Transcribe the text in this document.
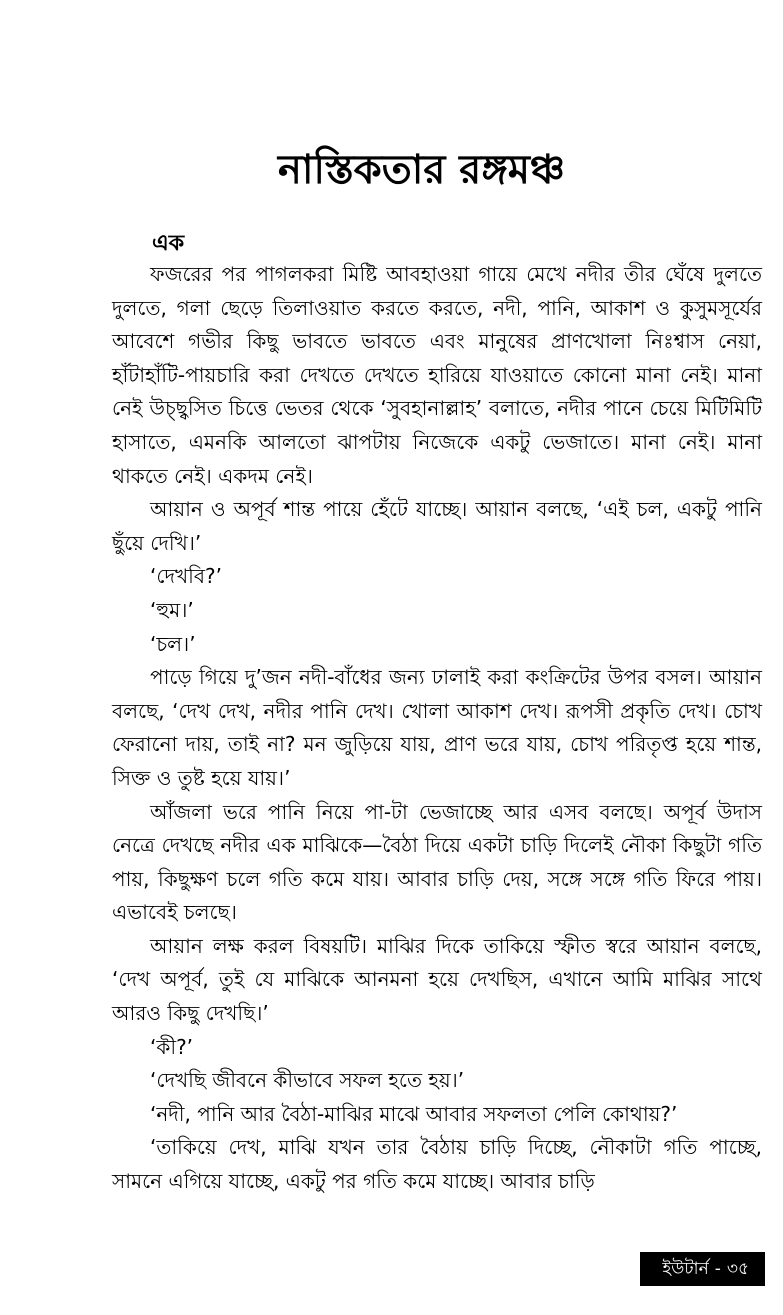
নাস্তিকতার রঙ্গমঞ্চ
এক

ফজরের পর পাগলকরা মিষ্টি আবহাওয়া গায়ে মেখে নদীর তীর ঘেঁষে দুলতে দুলতে, গলা ছেড়ে তিলাওয়াত করতে করতে, নদী, পানি, আকাশ ও কুসুমসূর্যের আবেশে গভীর কিছু ভাবতে ভাবতে এবং মানুষের প্রাণখোলা নিঃশ্বাস নেয়া, হাঁটাহাঁটি-পায়চারি করা দেখতে দেখতে হারিয়ে যাওয়াতে কোনো মানা নেই। মানা নেই উচ্ছ্বসিত চিত্তে ভেতর থেকে ‘সুবহানাল্লাহ’ বলাতে, নদীর পানে চেয়ে মিটিমিটি হাসাতে, এমনকি আলতো ঝাপটায় নিজেকে একটু ভেজাতে। মানা নেই। মানা থাকতে নেই। একদম নেই।

আয়ান ও অপূর্ব শান্ত পায়ে হেঁটে যাচ্ছে। আয়ান বলছে, ‘এই চল, একটু পানি ছুঁয়ে দেখি।’

‘দেখবি?’

‘হুম।’

‘চল।’

পাড়ে গিয়ে দু’জন নদী-বাঁধের জন্য ঢালাই করা কংক্রিটের উপর বসল। আয়ান বলছে, ‘দেখ দেখ, নদীর পানি দেখ। খোলা আকাশ দেখ। রূপসী প্রকৃতি দেখ। চোখ ফেরানো দায়, তাই না? মন জুড়িয়ে যায়, প্রাণ ভরে যায়, চোখ পরিতৃপ্ত হয়ে শান্ত, সিক্ত ও তুষ্ট হয়ে যায়।’

আঁজলা ভরে পানি নিয়ে পা-টা ভেজাচ্ছে আর এসব বলছে। অপূর্ব উদাস নেত্রে দেখছে নদীর এক মাঝিকে—বৈঠা দিয়ে একটা চাড়ি দিলেই নৌকা কিছুটা গতি পায়, কিছুক্ষণ চলে গতি কমে যায়। আবার চাড়ি দেয়, সঙ্গে সঙ্গে গতি ফিরে পায়। এভাবেই চলছে।

আয়ান লক্ষ করল বিষয়টি। মাঝির দিকে তাকিয়ে স্ফীত স্বরে আয়ান বলছে, ‘দেখ অপূর্ব, তুই যে মাঝিকে আনমনা হয়ে দেখছিস, এখানে আমি মাঝির সাথে আরও কিছু দেখছি।’

‘কী?’

‘দেখছি জীবনে কীভাবে সফল হতে হয়।’

‘নদী, পানি আর বৈঠা-মাঝির মাঝে আবার সফলতা পেলি কোথায়?’

‘তাকিয়ে দেখ, মাঝি যখন তার বৈঠায় চাড়ি দিচ্ছে, নৌকাটা গতি পাচ্ছে, সামনে এগিয়ে যাচ্ছে, একটু পর গতি কমে যাচ্ছে। আবার চাড়ি

ইউটার্ন - ৩৫
